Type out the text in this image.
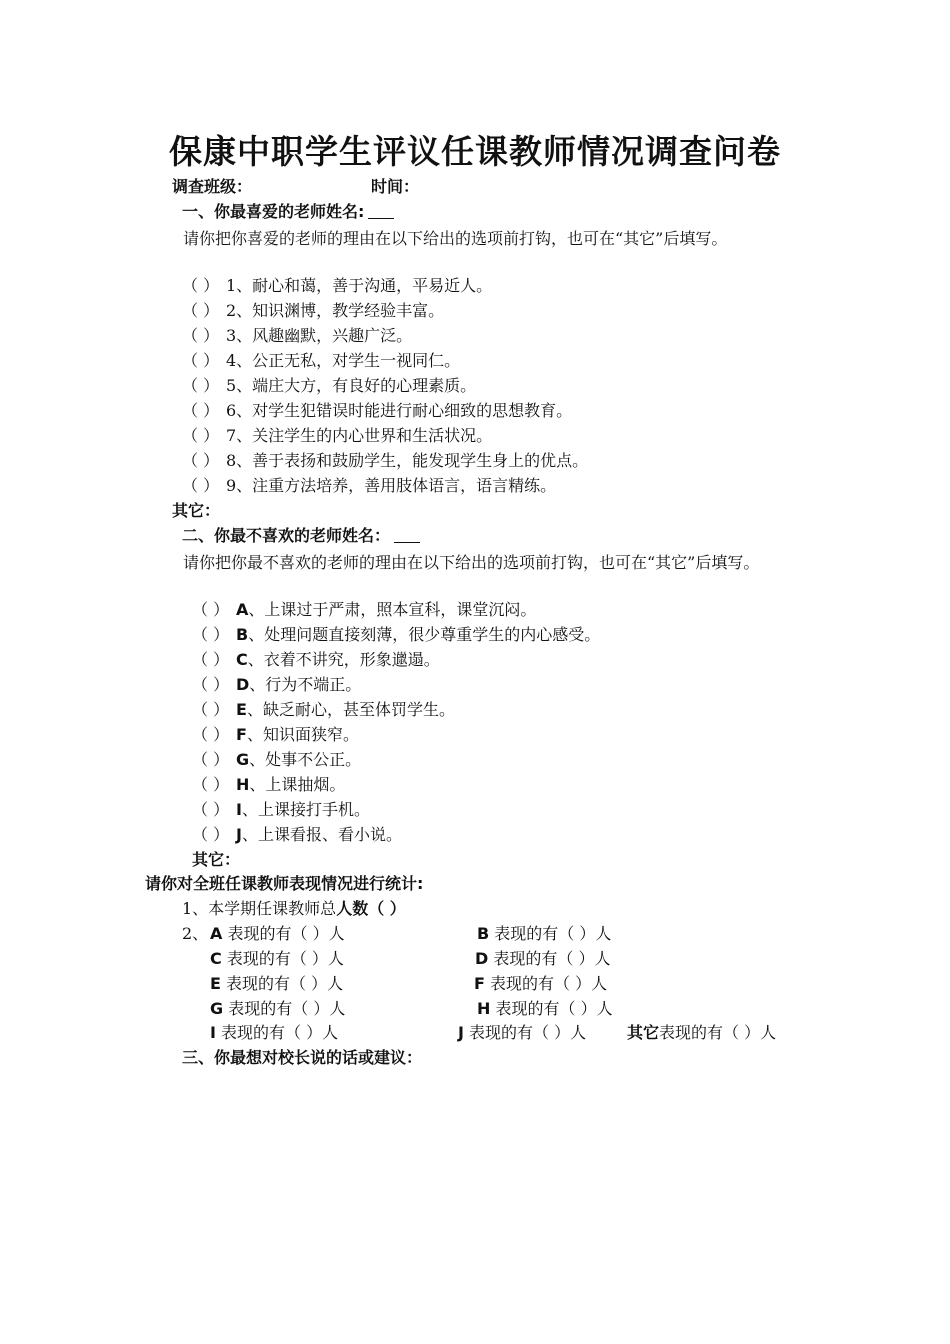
保康中职学生评议任课教师情况调查问卷
调查班级：	时间：
一、你最喜爱的老师姓名:
请你把你喜爱的老师的理由在以下给出的选项前打钩，也可在“其它”后填写。
（ ） 1、耐心和蔼，善于沟通，平易近人。
（ ） 2、知识渊博，教学经验丰富。
（ ） 3、风趣幽默，兴趣广泛。
（ ） 4、公正无私，对学生一视同仁。
（ ） 5、端庄大方，有良好的心理素质。
（ ） 6、对学生犯错误时能进行耐心细致的思想教育。
（ ） 7、关注学生的内心世界和生活状况。
（ ） 8、善于表扬和鼓励学生，能发现学生身上的优点。
（ ） 9、注重方法培养，善用肢体语言，语言精练。
其它：
二、你最不喜欢的老师姓名：
请你把你最不喜欢的老师的理由在以下给出的选项前打钩，也可在“其它”后填写。
（ ） A、上课过于严肃，照本宣科，课堂沉闷。
（ ） B、处理问题直接刻薄，很少尊重学生的内心感受。
（ ） C、衣着不讲究，形象邋遢。
（ ） D、行为不端正。
（ ） E、缺乏耐心，甚至体罚学生。
（ ） F、知识面狭窄。
（ ） G、处事不公正。
（ ） H、上课抽烟。
（ ） I、上课接打手机。
（ ） J、上课看报、看小说。
其它：
请你对全班任课教师表现情况进行统计:
1、本学期任课教师总人数（ ）
2、 A 表现的有（ ）人	B 表现的有（ ）人
C 表现的有（ ）人	D 表现的有（ ）人
E 表现的有（ ）人	F 表现的有（ ）人
G 表现的有（ ）人	H 表现的有（ ）人
I 表现的有（ ）人	J 表现的有（ ）人	其它表现的有（ ）人
三、你最想对校长说的话或建议：
